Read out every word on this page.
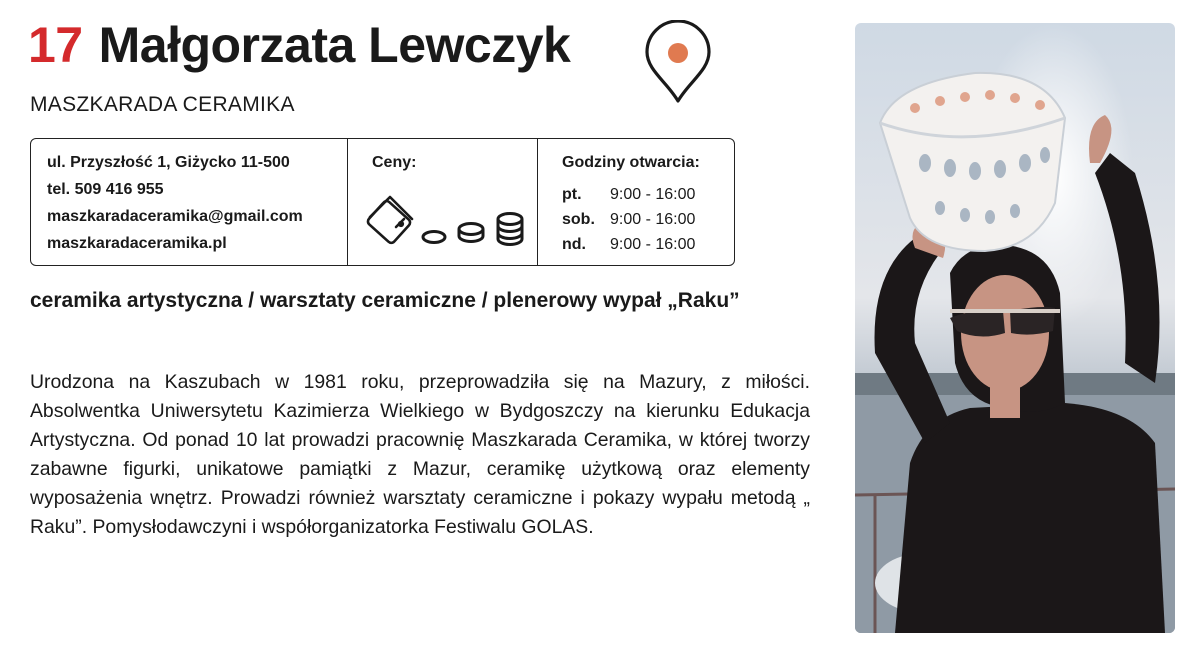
17 Małgorzata Lewczyk
MASZKARADA CERAMIKA
ul. Przyszłość 1, Giżycko 11-500
tel. 509 416 955
maszkaradaceramika@gmail.com
maszkaradaceramika.pl
Ceny:	Godziny otwarcia:
pt. 9:00 - 16:00
sob. 9:00 - 16:00
nd. 9:00 - 16:00

ceramika artystyczna / warsztaty ceramiczne / plenerowy wypał „Raku”

Urodzona na Kaszubach w 1981 roku, przeprowadziła się na Mazury, z miłości. Absolwentka Uniwersytetu Kazimierza Wielkiego w Bydgoszczy na kierunku Edukacja Artystyczna. Od ponad 10 lat prowadzi pracownię Maszkarada Ceramika, w której tworzy zabawne figurki, unikatowe pamiątki z Mazur, ceramikę użytkową oraz elementy wyposażenia wnętrz. Prowadzi również warsztaty ceramiczne i pokazy wypału metodą „ Raku”. Pomysłodawczyni i współorganizatorka Festiwalu GOLAS.
